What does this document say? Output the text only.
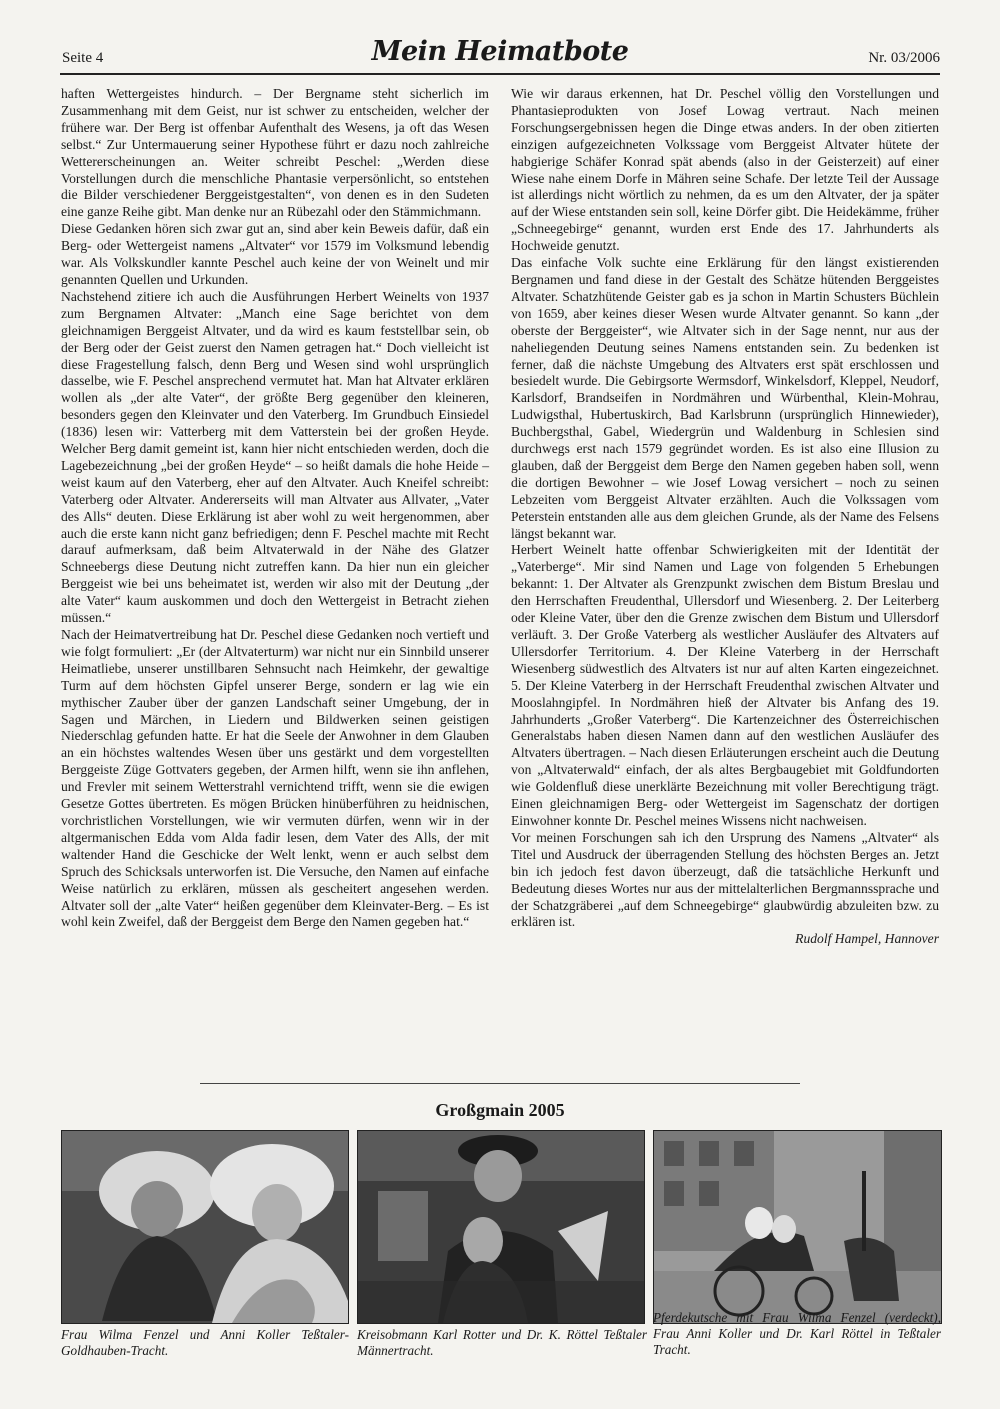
Seite 4	Mein Heimatbote	Nr. 03/2006

haften Wettergeistes hindurch. – Der Bergname steht sicherlich im Zusammenhang mit dem Geist, nur ist schwer zu entscheiden, welcher der frühere war. Der Berg ist offenbar Aufenthalt des Wesens, ja oft das Wesen selbst.“ Zur Untermauerung seiner Hypothese führt er dazu noch zahlreiche Wettererscheinungen an. Weiter schreibt Peschel: „Werden diese Vorstellungen durch die menschliche Phantasie verpersönlicht, so entstehen die Bilder verschiedener Berggeistgestalten“, von denen es in den Sudeten eine ganze Reihe gibt. Man denke nur an Rübezahl oder den Stämmichmann.

Diese Gedanken hören sich zwar gut an, sind aber kein Beweis dafür, daß ein Berg- oder Wettergeist namens „Altvater“ vor 1579 im Volksmund lebendig war. Als Volkskundler kannte Peschel auch keine der von Weinelt und mir genannten Quellen und Urkunden.

Nachstehend zitiere ich auch die Ausführungen Herbert Weinelts von 1937 zum Bergnamen Altvater: „Manch eine Sage berichtet von dem gleichnamigen Berggeist Altvater, und da wird es kaum feststellbar sein, ob der Berg oder der Geist zuerst den Namen getragen hat.“ Doch vielleicht ist diese Fragestellung falsch, denn Berg und Wesen sind wohl ursprünglich dasselbe, wie F. Peschel ansprechend vermutet hat. Man hat Altvater erklären wollen als „der alte Vater“, der größte Berg gegenüber den kleineren, besonders gegen den Kleinvater und den Vaterberg. Im Grundbuch Einsiedel (1836) lesen wir: Vatterberg mit dem Vatterstein bei der großen Heyde. Welcher Berg damit gemeint ist, kann hier nicht entschieden werden, doch die Lagebezeichnung „bei der großen Heyde“ – so heißt damals die hohe Heide – weist kaum auf den Vaterberg, eher auf den Altvater. Auch Kneifel schreibt: Vaterberg oder Altvater. Andererseits will man Altvater aus Allvater, „Vater des Alls“ deuten. Diese Erklärung ist aber wohl zu weit hergenommen, aber auch die erste kann nicht ganz befriedigen; denn F. Peschel machte mit Recht darauf aufmerksam, daß beim Altvaterwald in der Nähe des Glatzer Schneebergs diese Deutung nicht zutreffen kann. Da hier nun ein gleicher Berggeist wie bei uns beheimatet ist, werden wir also mit der Deutung „der alte Vater“ kaum auskommen und doch den Wettergeist in Betracht ziehen müssen.“

Nach der Heimatvertreibung hat Dr. Peschel diese Gedanken noch vertieft und wie folgt formuliert: „Er (der Altvaterturm) war nicht nur ein Sinnbild unserer Heimatliebe, unserer unstillbaren Sehnsucht nach Heimkehr, der gewaltige Turm auf dem höchsten Gipfel unserer Berge, sondern er lag wie ein mythischer Zauber über der ganzen Landschaft seiner Umgebung, der in Sagen und Märchen, in Liedern und Bildwerken seinen geistigen Niederschlag gefunden hatte. Er hat die Seele der Anwohner in dem Glauben an ein höchstes waltendes Wesen über uns gestärkt und dem vorgestellten Berggeiste Züge Gottvaters gegeben, der Armen hilft, wenn sie ihn anflehen, und Frevler mit seinem Wetterstrahl vernichtend trifft, wenn sie die ewigen Gesetze Gottes übertreten. Es mögen Brücken hinüberführen zu heidnischen, vorchristlichen Vorstellungen, wie wir vermuten dürfen, wenn wir in der altgermanischen Edda vom Alda fadir lesen, dem Vater des Alls, der mit waltender Hand die Geschicke der Welt lenkt, wenn er auch selbst dem Spruch des Schicksals unterworfen ist. Die Versuche, den Namen auf einfache Weise natürlich zu erklären, müssen als gescheitert angesehen werden. Altvater soll der „alte Vater“ heißen gegenüber dem Kleinvater-Berg. – Es ist wohl kein Zweifel, daß der Berggeist dem Berge den Namen gegeben hat.“

Wie wir daraus erkennen, hat Dr. Peschel völlig den Vorstellungen und Phantasieprodukten von Josef Lowag vertraut. Nach meinen Forschungsergebnissen hegen die Dinge etwas anders. In der oben zitierten einzigen aufgezeichneten Volkssage vom Berggeist Altvater hütete der habgierige Schäfer Konrad spät abends (also in der Geisterzeit) auf einer Wiese nahe einem Dorfe in Mähren seine Schafe. Der letzte Teil der Aussage ist allerdings nicht wörtlich zu nehmen, da es um den Altvater, der ja später auf der Wiese entstanden sein soll, keine Dörfer gibt. Die Heidekämme, früher „Schneegebirge“ genannt, wurden erst Ende des 17. Jahrhunderts als Hochweide genutzt.

Das einfache Volk suchte eine Erklärung für den längst existierenden Bergnamen und fand diese in der Gestalt des Schätze hütenden Berggeistes Altvater. Schatzhütende Geister gab es ja schon in Martin Schusters Büchlein von 1659, aber keines dieser Wesen wurde Altvater genannt. So kann „der oberste der Berggeister“, wie Altvater sich in der Sage nennt, nur aus der naheliegenden Deutung seines Namens entstanden sein. Zu bedenken ist ferner, daß die nächste Umgebung des Altvaters erst spät erschlossen und besiedelt wurde. Die Gebirgsorte Wermsdorf, Winkelsdorf, Kleppel, Neudorf, Karlsdorf, Brandseifen in Nordmähren und Würbenthal, Klein-Mohrau, Ludwigsthal, Hubertuskirch, Bad Karlsbrunn (ursprünglich Hinnewieder), Buchbergsthal, Gabel, Wiedergrün und Waldenburg in Schlesien sind durchwegs erst nach 1579 gegründet worden. Es ist also eine Illusion zu glauben, daß der Berggeist dem Berge den Namen gegeben haben soll, wenn die dortigen Bewohner – wie Josef Lowag versichert – noch zu seinen Lebzeiten vom Berggeist Altvater erzählten. Auch die Volkssagen vom Peterstein entstanden alle aus dem gleichen Grunde, als der Name des Felsens längst bekannt war.

Herbert Weinelt hatte offenbar Schwierigkeiten mit der Identität der „Vaterberge“. Mir sind Namen und Lage von folgenden 5 Erhebungen bekannt: 1. Der Altvater als Grenzpunkt zwischen dem Bistum Breslau und den Herrschaften Freudenthal, Ullersdorf und Wiesenberg. 2. Der Leiterberg oder Kleine Vater, über den die Grenze zwischen dem Bistum und Ullersdorf verläuft. 3. Der Große Vaterberg als westlicher Ausläufer des Altvaters auf Ullersdorfer Territorium. 4. Der Kleine Vaterberg in der Herrschaft Wiesenberg südwestlich des Altvaters ist nur auf alten Karten eingezeichnet. 5. Der Kleine Vaterberg in der Herrschaft Freudenthal zwischen Altvater und Mooslahngipfel. In Nordmähren hieß der Altvater bis Anfang des 19. Jahrhunderts „Großer Vaterberg“. Die Kartenzeichner des Österreichischen Generalstabs haben diesen Namen dann auf den westlichen Ausläufer des Altvaters übertragen. – Nach diesen Erläuterungen erscheint auch die Deutung von „Altvaterwald“ einfach, der als altes Bergbaugebiet mit Goldfundorten wie Goldenfluß diese unerklärte Bezeichnung mit voller Berechtigung trägt. Einen gleichnamigen Berg- oder Wettergeist im Sagenschatz der dortigen Einwohner konnte Dr. Peschel meines Wissens nicht nachweisen.

Vor meinen Forschungen sah ich den Ursprung des Namens „Altvater“ als Titel und Ausdruck der überragenden Stellung des höchsten Berges an. Jetzt bin ich jedoch fest davon überzeugt, daß die tatsächliche Herkunft und Bedeutung dieses Wortes nur aus der mittelalterlichen Bergmannssprache und der Schatzgräberei „auf dem Schneegebirge“ glaubwürdig abzuleiten bzw. zu erklären ist.

Rudolf Hampel, Hannover

Großgmain 2005
Frau Wilma Fenzel und Anni Koller Teßtaler-Goldhauben-Tracht.
Kreisobmann Karl Rotter und Dr. K. Röttel Teßtaler Männertracht.
Pferdekutsche mit Frau Wilma Fenzel (verdeckt), Frau Anni Koller und Dr. Karl Röttel in Teßtaler Tracht.
